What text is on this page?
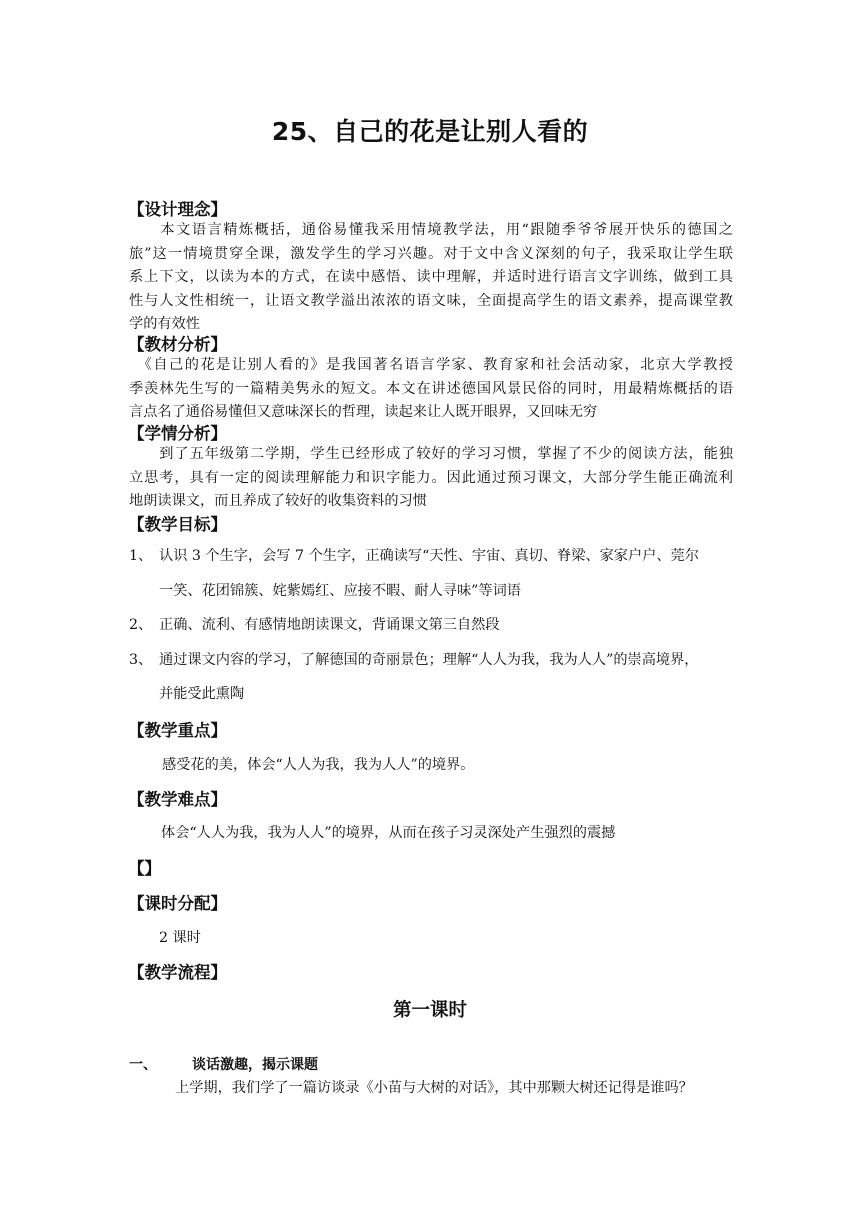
25、自己的花是让别人看的
【设计理念】
　　本文语言精炼概括，通俗易懂我采用情境教学法，用“跟随季爷爷展开快乐的德国之
旅”这一情境贯穿全课，激发学生的学习兴趣。对于文中含义深刻的句子，我采取让学生联
系上下文，以读为本的方式，在读中感悟、读中理解，并适时进行语言文字训练，做到工具
性与人文性相统一，让语文教学溢出浓浓的语文味，全面提高学生的语文素养，提高课堂教
学的有效性
【教材分析】
　《自己的花是让别人看的》是我国著名语言学家、教育家和社会活动家，北京大学教授
季羡林先生写的一篇精美隽永的短文。本文在讲述德国风景民俗的同时，用最精炼概括的语
言点名了通俗易懂但又意味深长的哲理，读起来让人既开眼界，又回味无穷
【学情分析】
　　到了五年级第二学期，学生已经形成了较好的学习习惯，掌握了不少的阅读方法，能独
立思考，具有一定的阅读理解能力和识字能力。因此通过预习课文，大部分学生能正确流利
地朗读课文，而且养成了较好的收集资料的习惯
【教学目标】
1、 认识 3 个生字，会写 7 个生字，正确读写“天性、宇宙、真切、脊梁、家家户户、莞尔
一笑、花团锦簇、姹紫嫣红、应接不暇、耐人寻味”等词语
2、 正确、流利、有感情地朗读课文，背诵课文第三自然段
3、 通过课文内容的学习，了解德国的奇丽景色；理解“人人为我，我为人人”的崇高境界，
并能受此熏陶
【教学重点】
感受花的美，体会“人人为我，我为人人”的境界。
【教学难点】
体会“人人为我，我为人人”的境界，从而在孩子习灵深处产生强烈的震撼
【】
【课时分配】
2 课时
【教学流程】
第一课时
一、	谈话激趣，揭示课题
上学期，我们学了一篇访谈录《小苗与大树的对话》，其中那颗大树还记得是谁吗？
